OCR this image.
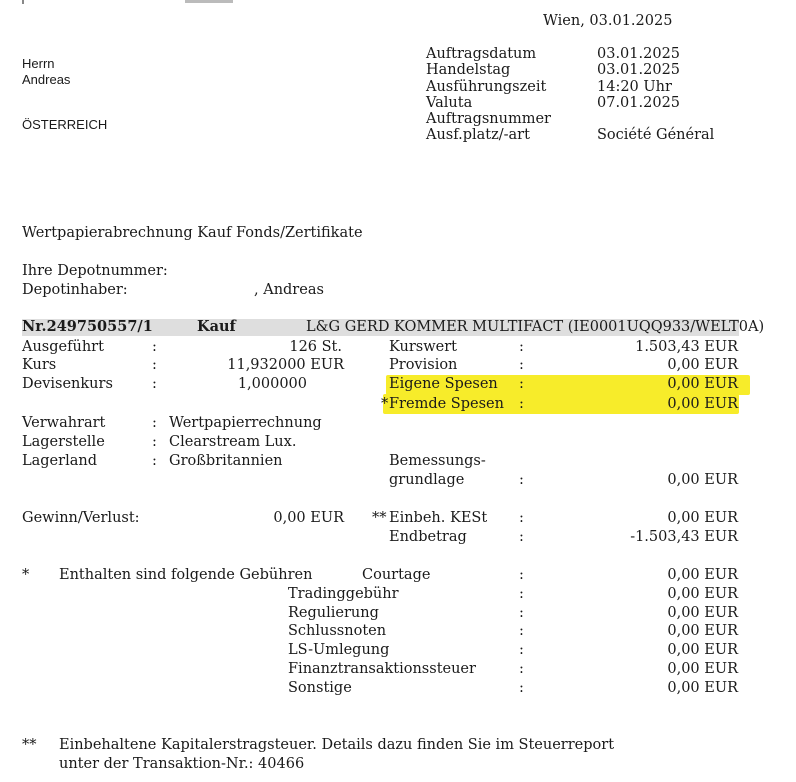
Wien, 03.01.2025
Herrn
Andreas
ÖSTERREICH
Auftragsdatum	03.01.2025
Handelstag	03.01.2025
Ausführungszeit	14:20 Uhr
Valuta	07.01.2025
Auftragsnummer
Ausf.platz/-art	Société Général
Wertpapierabrechnung Kauf Fonds/Zertifikate
Ihre Depotnummer:
Depotinhaber:	, Andreas
Nr.249750557/1	Kauf	L&G GERD KOMMER MULTIFACT (IE0001UQQ933/WELT0A)
Ausgeführt	:	126 St.
Kurs	:	11,932000 EUR
Devisenkurs	:	1,000000
Kurswert	:	1.503,43 EUR
Provision	:	0,00 EUR
Eigene Spesen :	0,00 EUR
* Fremde Spesen :	0,00 EUR
Verwahrart	: Wertpapierrechnung
Lagerstelle	: Clearstream Lux.
Lagerland	: Großbritannien	Bemessungs-
grundlage	:	0,00 EUR
Gewinn/Verlust:	0,00 EUR ** Einbeh. KESt :	0,00 EUR
Endbetrag	:	-1.503,43 EUR
* Enthalten sind folgende Gebühren	Courtage	:	0,00 EUR
Tradinggebühr	:	0,00 EUR
Regulierung	:	0,00 EUR
Schlussnoten	:	0,00 EUR
LS-Umlegung	:	0,00 EUR
Finanztransaktionssteuer	:	0,00 EUR
Sonstige	:	0,00 EUR
** Einbehaltene Kapitalerstragsteuer. Details dazu finden Sie im Steuerreport
unter der Transaktion-Nr.: 40466
